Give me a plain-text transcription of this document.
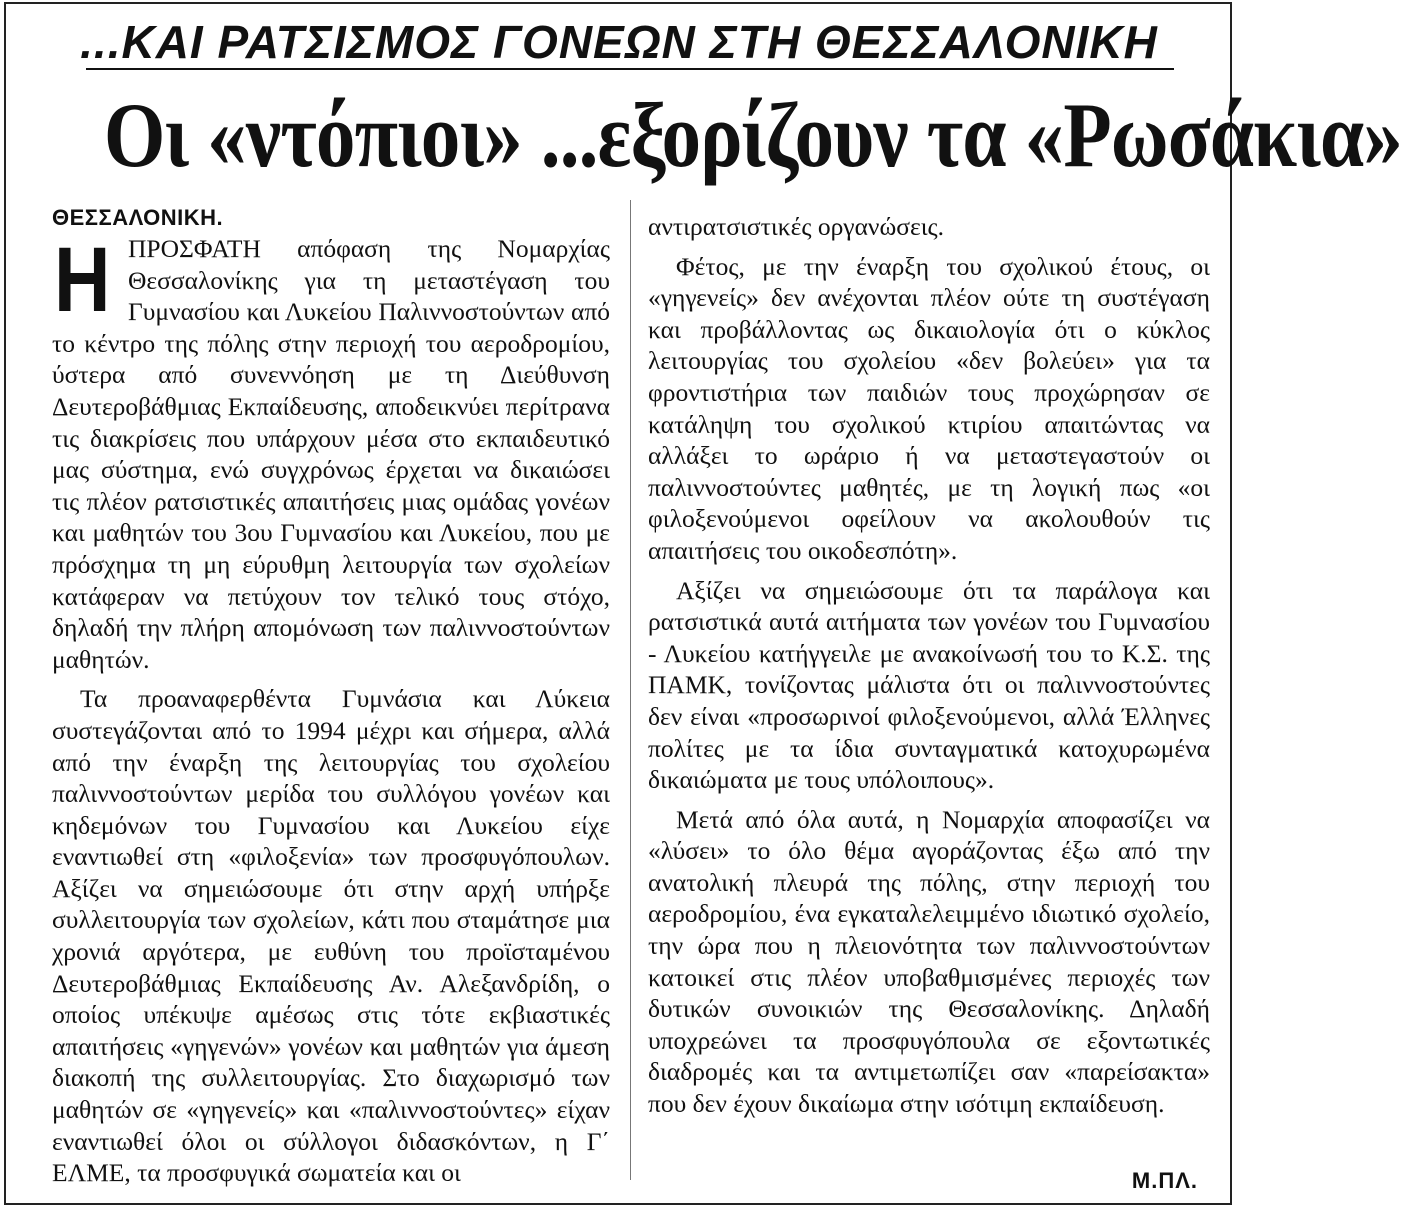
...ΚΑΙ ΡΑΤΣΙΣΜΟΣ ΓΟΝΕΩΝ ΣΤΗ ΘΕΣΣΑΛΟΝΙΚΗ
Οι «ντόπιοι» ...εξορίζουν τα «Ρωσάκια»

ΘΕΣΣΑΛΟΝΙΚΗ.

ΗΠΡΟΣΦΑΤΗ απόφαση της Νομαρχίας Θεσσαλονίκης για τη μεταστέγαση του Γυμνασίου και Λυκείου Παλιννοστούντων από το κέντρο της πόλης στην περιοχή του αεροδρομίου, ύστερα από συνεννόηση με τη Διεύθυνση Δευτεροβάθμιας Εκπαίδευσης, αποδεικνύει περίτρανα τις διακρίσεις που υπάρχουν μέσα στο εκπαιδευτικό μας σύστημα, ενώ συγχρόνως έρχεται να δικαιώσει τις πλέον ρατσιστικές απαιτήσεις μιας ομάδας γονέων και μαθητών του 3ου Γυμνασίου και Λυκείου, που με πρόσχημα τη μη εύρυθμη λειτουργία των σχολείων κατάφεραν να πετύχουν τον τελικό τους στόχο, δηλαδή την πλήρη απομόνωση των παλιννοστούντων μαθητών.

Τα προαναφερθέντα Γυμνάσια και Λύκεια συστεγάζονται από το 1994 μέχρι και σήμερα, αλλά από την έναρξη της λειτουργίας του σχολείου παλιννοστούντων μερίδα του συλλόγου γονέων και κηδεμόνων του Γυμνασίου και Λυκείου είχε εναντιωθεί στη «φιλοξενία» των προσφυγόπουλων. Αξίζει να σημειώσουμε ότι στην αρχή υπήρξε συλλειτουργία των σχολείων, κάτι που σταμάτησε μια χρονιά αργότερα, με ευθύνη του προϊσταμένου Δευτεροβάθμιας Εκπαίδευσης Αν. Αλεξανδρίδη, ο οποίος υπέκυψε αμέσως στις τότε εκβιαστικές απαιτήσεις «γηγενών» γονέων και μαθητών για άμεση διακοπή της συλλειτουργίας. Στο διαχωρισμό των μαθητών σε «γηγενείς» και «παλιννοστούντες» είχαν εναντιωθεί όλοι οι σύλλογοι διδασκόντων, η Γ΄ ΕΛΜΕ, τα προσφυγικά σωματεία και οι

αντιρατσιστικές οργανώσεις.

Φέτος, με την έναρξη του σχολικού έτους, οι «γηγενείς» δεν ανέχονται πλέον ούτε τη συστέγαση και προβάλλοντας ως δικαιολογία ότι ο κύκλος λειτουργίας του σχολείου «δεν βολεύει» για τα φροντιστήρια των παιδιών τους προχώρησαν σε κατάληψη του σχολικού κτιρίου απαιτώντας να αλλάξει το ωράριο ή να μεταστεγαστούν οι παλιννοστούντες μαθητές, με τη λογική πως «οι φιλοξενούμενοι οφείλουν να ακολουθούν τις απαιτήσεις του οικοδεσπότη».

Αξίζει να σημειώσουμε ότι τα παράλογα και ρατσιστικά αυτά αιτήματα των γονέων του Γυμνασίου - Λυκείου κατήγγειλε με ανακοίνωσή του το Κ.Σ. της ΠΑΜΚ, τονίζοντας μάλιστα ότι οι παλιννοστούντες δεν είναι «προσωρινοί φιλοξενούμενοι, αλλά Έλληνες πολίτες με τα ίδια συνταγματικά κατοχυρωμένα δικαιώματα με τους υπόλοιπους».

Μετά από όλα αυτά, η Νομαρχία αποφασίζει να «λύσει» το όλο θέμα αγοράζοντας έξω από την ανατολική πλευρά της πόλης, στην περιοχή του αεροδρομίου, ένα εγκαταλελειμμένο ιδιωτικό σχολείο, την ώρα που η πλειονότητα των παλιννοστούντων κατοικεί στις πλέον υποβαθμισμένες περιοχές των δυτικών συνοικιών της Θεσσαλονίκης. Δηλαδή υποχρεώνει τα προσφυγόπουλα σε εξοντωτικές διαδρομές και τα αντιμετωπίζει σαν «παρείσακτα» που δεν έχουν δικαίωμα στην ισότιμη εκπαίδευση.

Μ.ΠΛ.
